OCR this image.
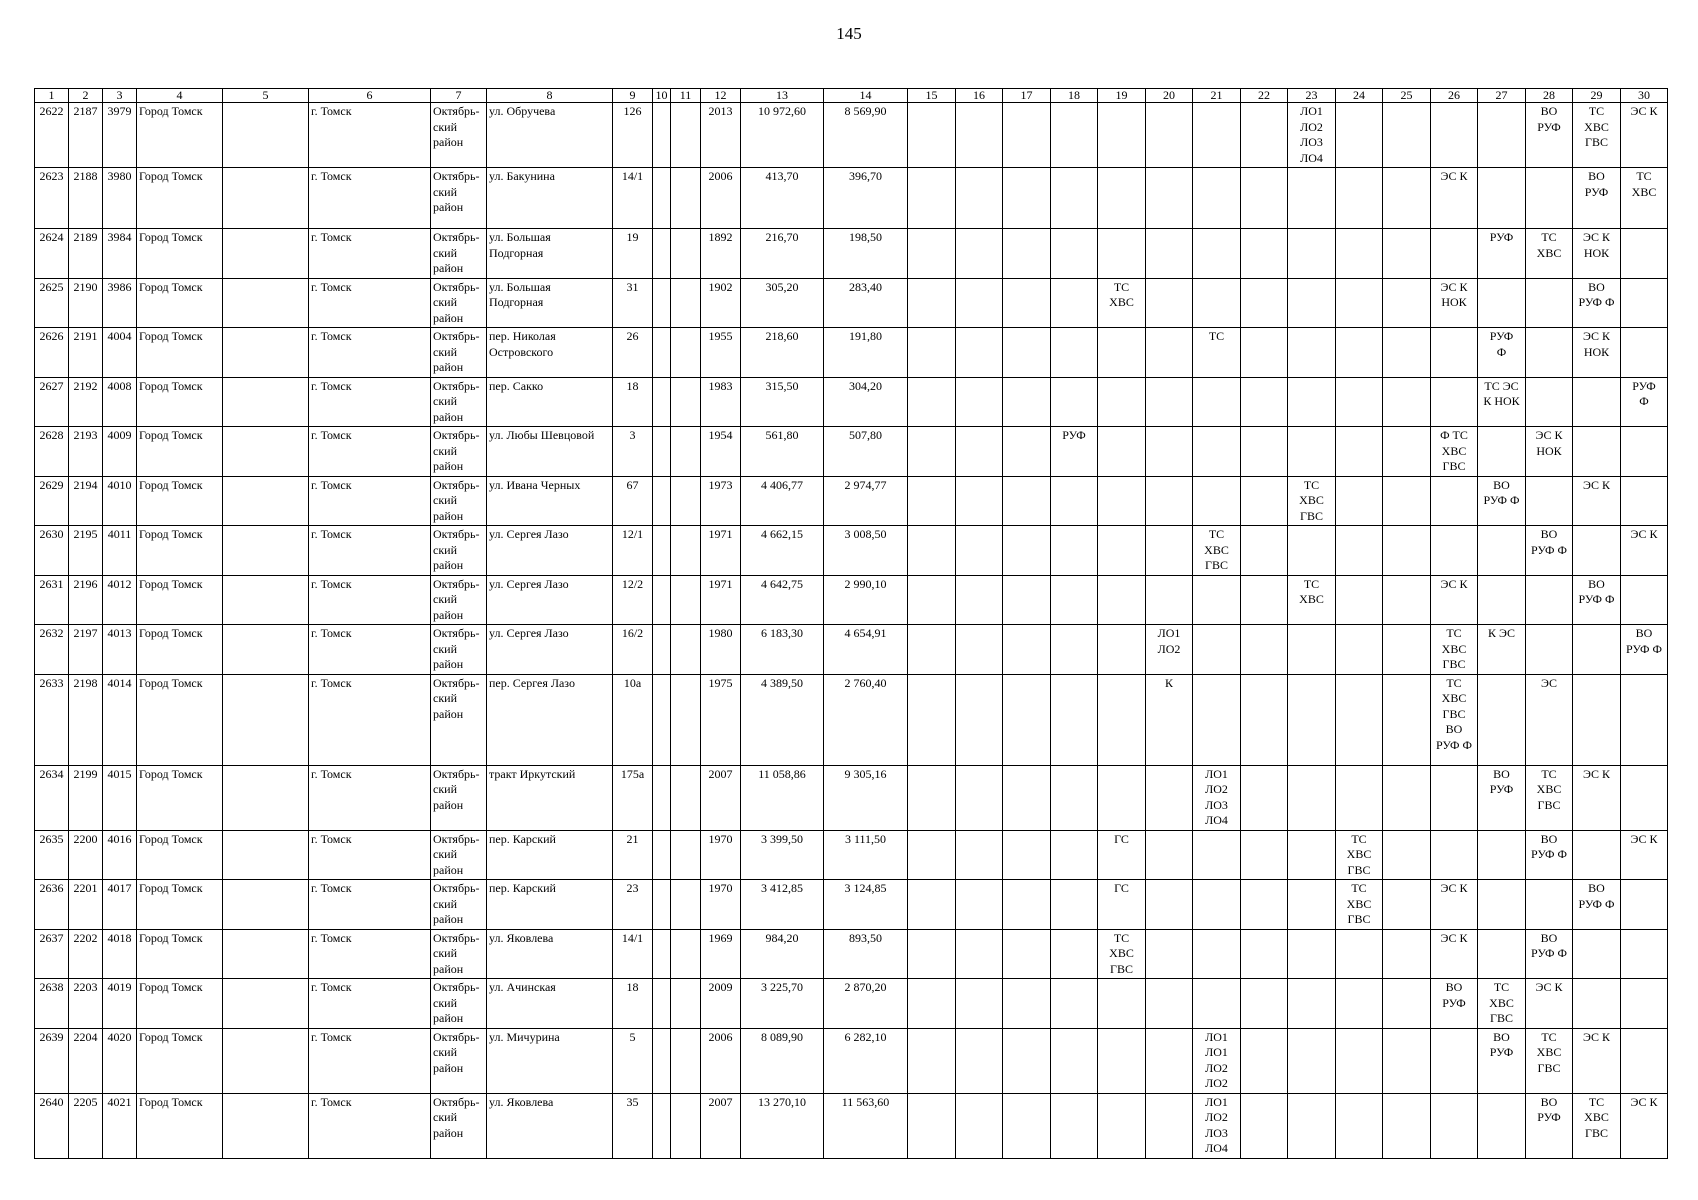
145
1	2	3	4	5	6	7	8	9	10	11	12	13	14	15	16	17	18	19	20	21	22	23	24	25	26	27	28	29	30
2622	2187	3979	Город Томск		г. Томск	Октябрь-
ский
район	ул. Обручева	126			2013	10 972,60	8 569,90									ЛО1
ЛО2
ЛО3
ЛО4					ВО
РУФ	ТС
ХВС
ГВС	ЭС К
2623	2188	3980	Город Томск		г. Томск	Октябрь-
ский
район	ул. Бакунина	14/1			2006	413,70	396,70												ЭС К			ВО
РУФ	ТС
ХВС
2624	2189	3984	Город Томск		г. Томск	Октябрь-
ский
район	ул. Большая
Подгорная	19			1892	216,70	198,50													РУФ	ТС
ХВС	ЭС К
НОК	
2625	2190	3986	Город Томск		г. Томск	Октябрь-
ский
район	ул. Большая
Подгорная	31			1902	305,20	283,40					ТС
ХВС							ЭС К
НОК			ВО
РУФ Ф	
2626	2191	4004	Город Томск		г. Томск	Октябрь-
ский
район	пер. Николая
Островского	26			1955	218,60	191,80							ТС						РУФ
Ф		ЭС К
НОК	
2627	2192	4008	Город Томск		г. Томск	Октябрь-
ский
район	пер. Сакко	18			1983	315,50	304,20													ТС ЭС
К НОК			РУФ
Ф
2628	2193	4009	Город Томск		г. Томск	Октябрь-
ский
район	ул. Любы Шевцовой	3			1954	561,80	507,80				РУФ								Ф ТС
ХВС
ГВС		ЭС К
НОК		
2629	2194	4010	Город Томск		г. Томск	Октябрь-
ский
район	ул. Ивана Черных	67			1973	4 406,77	2 974,77									ТС
ХВС
ГВС				ВО
РУФ Ф		ЭС К	
2630	2195	4011	Город Томск		г. Томск	Октябрь-
ский
район	ул. Сергея Лазо	12/1			1971	4 662,15	3 008,50							ТС
ХВС
ГВС							ВО
РУФ Ф		ЭС К
2631	2196	4012	Город Томск		г. Томск	Октябрь-
ский
район	ул. Сергея Лазо	12/2			1971	4 642,75	2 990,10									ТС
ХВС			ЭС К			ВО
РУФ Ф	
2632	2197	4013	Город Томск		г. Томск	Октябрь-
ский
район	ул. Сергея Лазо	16/2			1980	6 183,30	4 654,91						ЛО1
ЛО2						ТС
ХВС
ГВС	К ЭС			ВО
РУФ Ф
2633	2198	4014	Город Томск		г. Томск	Октябрь-
ский
район	пер. Сергея Лазо	10а			1975	4 389,50	2 760,40						К						ТС
ХВС
ГВС
ВО
РУФ Ф		ЭС		
2634	2199	4015	Город Томск		г. Томск	Октябрь-
ский
район	тракт Иркутский	175а			2007	11 058,86	9 305,16							ЛО1
ЛО2
ЛО3
ЛО4						ВО
РУФ	ТС
ХВС
ГВС	ЭС К	
2635	2200	4016	Город Томск		г. Томск	Октябрь-
ский
район	пер. Карский	21			1970	3 399,50	3 111,50					ГС					ТС
ХВС
ГВС				ВО
РУФ Ф		ЭС К
2636	2201	4017	Город Томск		г. Томск	Октябрь-
ский
район	пер. Карский	23			1970	3 412,85	3 124,85					ГС					ТС
ХВС
ГВС		ЭС К			ВО
РУФ Ф	
2637	2202	4018	Город Томск		г. Томск	Октябрь-
ский
район	ул. Яковлева	14/1			1969	984,20	893,50					ТС
ХВС
ГВС							ЭС К		ВО
РУФ Ф		
2638	2203	4019	Город Томск		г. Томск	Октябрь-
ский
район	ул. Ачинская	18			2009	3 225,70	2 870,20												ВО
РУФ	ТС
ХВС
ГВС	ЭС К		
2639	2204	4020	Город Томск		г. Томск	Октябрь-
ский
район	ул. Мичурина	5			2006	8 089,90	6 282,10							ЛО1
ЛО1
ЛО2
ЛО2						ВО
РУФ	ТС
ХВС
ГВС	ЭС К	
2640	2205	4021	Город Томск		г. Томск	Октябрь-
ский
район	ул. Яковлева	35			2007	13 270,10	11 563,60							ЛО1
ЛО2
ЛО3
ЛО4							ВО
РУФ	ТС
ХВС
ГВС	ЭС К
